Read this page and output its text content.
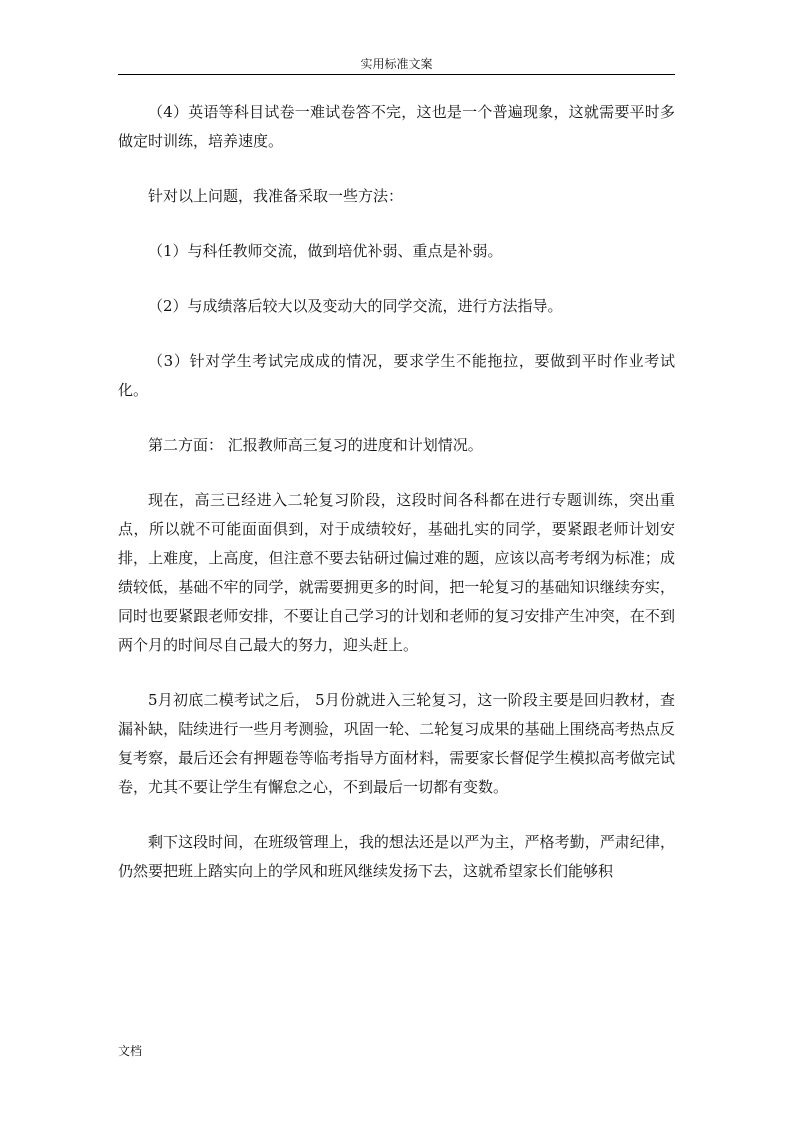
实用标准文案

（4）英语等科目试卷一难试卷答不完，这也是一个普遍现象，这就需要平时多做定时训练，培养速度。

针对以上问题，我准备采取一些方法：

（1）与科任教师交流，做到培优补弱、重点是补弱。

（2）与成绩落后较大以及变动大的同学交流，进行方法指导。

（3）针对学生考试完成成的情况，要求学生不能拖拉，要做到平时作业考试化。

第二方面： 汇报教师高三复习的进度和计划情况。

现在，高三已经进入二轮复习阶段，这段时间各科都在进行专题训练，突出重点，所以就不可能面面俱到，对于成绩较好，基础扎实的同学，要紧跟老师计划安排，上难度，上高度，但注意不要去钻研过偏过难的题，应该以高考考纲为标准；成绩较低，基础不牢的同学，就需要拥更多的时间，把一轮复习的基础知识继续夯实，同时也要紧跟老师安排，不要让自己学习的计划和老师的复习安排产生冲突，在不到两个月的时间尽自己最大的努力，迎头赶上。

5月初底二模考试之后， 5月份就进入三轮复习，这一阶段主要是回归教材，查漏补缺，陆续进行一些月考测验，巩固一轮、二轮复习成果的基础上围绕高考热点反复考察，最后还会有押题卷等临考指导方面材料，需要家长督促学生模拟高考做完试卷，尤其不要让学生有懈怠之心，不到最后一切都有变数。

剩下这段时间，在班级管理上，我的想法还是以严为主，严格考勤，严肃纪律，仍然要把班上踏实向上的学风和班风继续发扬下去，这就希望家长们能够积

文档
